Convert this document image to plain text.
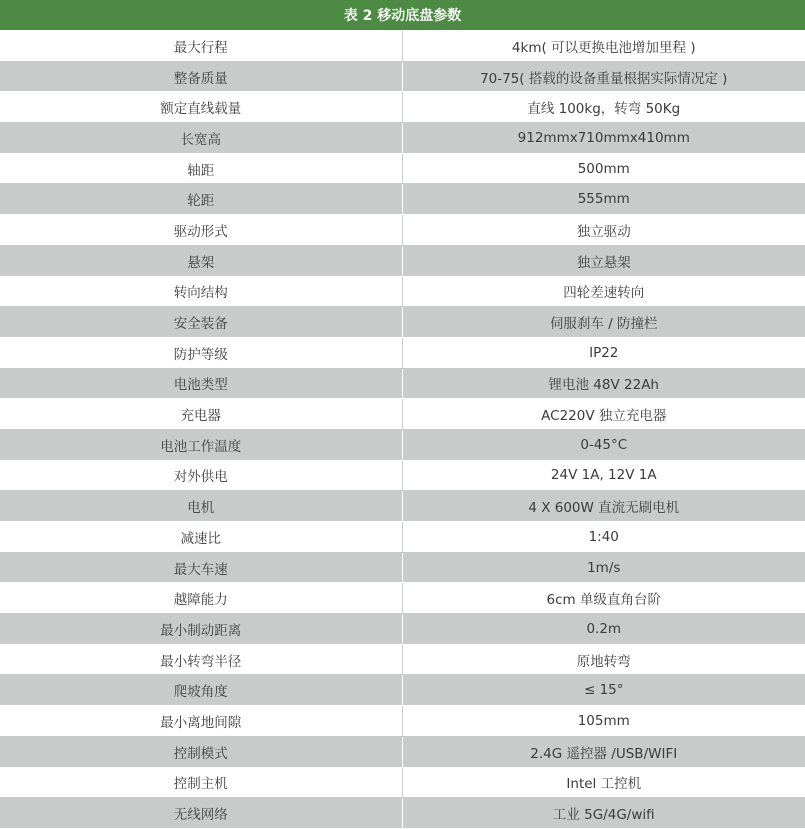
表 2 移动底盘参数	
最大行程	4km( 可以更换电池增加里程 )
整备质量	70-75( 搭载的设备重量根据实际情况定 )
额定直线载量	直线 100kg，转弯 50Kg
长宽高	912mmx710mmx410mm
轴距	500mm
轮距	555mm
驱动形式	独立驱动
悬架	独立悬架
转向结构	四轮差速转向
安全装备	伺服刹车 / 防撞栏
防护等级	IP22
电池类型	锂电池 48V 22Ah
充电器	AC220V 独立充电器
电池工作温度	0-45°C
对外供电	24V 1A, 12V 1A
电机	4 X 600W 直流无刷电机
减速比	1:40
最大车速	1m/s
越障能力	6cm 单级直角台阶
最小制动距离	0.2m
最小转弯半径	原地转弯
爬坡角度	≤ 15°
最小离地间隙	105mm
控制模式	2.4G 遥控器 /USB/WIFI
控制主机	Intel 工控机
无线网络	工业 5G/4G/wifi
